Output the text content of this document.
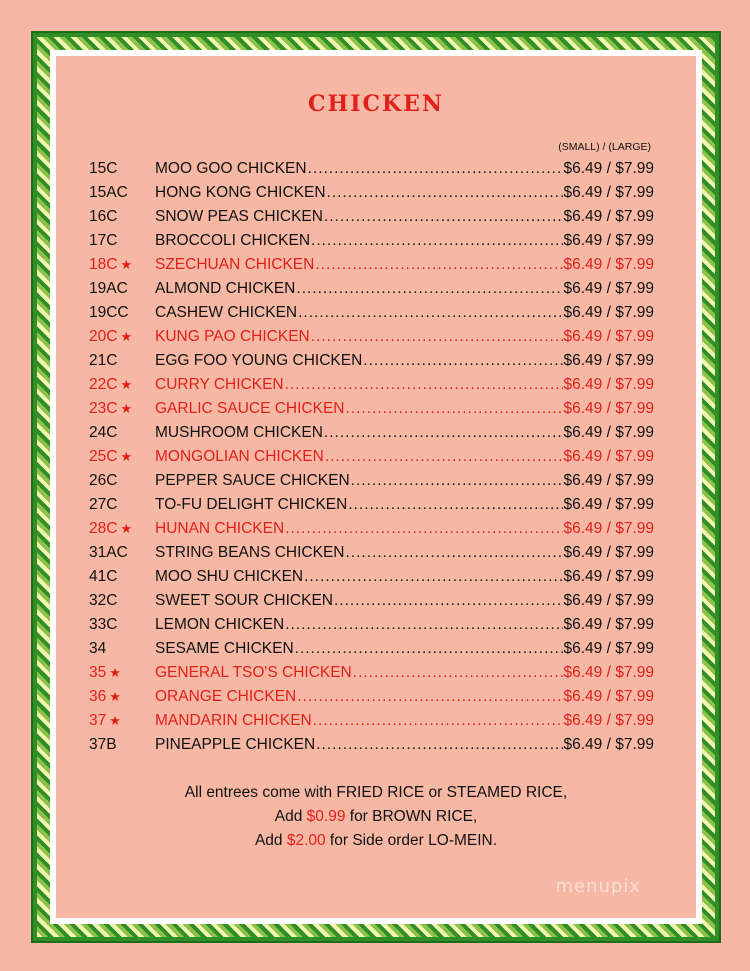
CHICKEN
(SMALL) / (LARGE)
15C	MOO GOO CHICKEN .....	$6.49 / $7.99
15AC	HONG KONG CHICKEN .....	$6.49 / $7.99
16C	SNOW PEAS CHICKEN .....	$6.49 / $7.99
17C	BROCCOLI CHICKEN .....	$6.49 / $7.99
18C ★	SZECHUAN CHICKEN .....	$6.49 / $7.99
19AC	ALMOND CHICKEN .....	$6.49 / $7.99
19CC	CASHEW CHICKEN .....	$6.49 / $7.99
20C ★	KUNG PAO CHICKEN .....	$6.49 / $7.99
21C	EGG FOO YOUNG CHICKEN .....	$6.49 / $7.99
22C ★	CURRY CHICKEN .....	$6.49 / $7.99
23C ★	GARLIC SAUCE CHICKEN .....	$6.49 / $7.99
24C	MUSHROOM CHICKEN .....	$6.49 / $7.99
25C ★	MONGOLIAN CHICKEN .....	$6.49 / $7.99
26C	PEPPER SAUCE CHICKEN .....	$6.49 / $7.99
27C	TO-FU DELIGHT CHICKEN .....	$6.49 / $7.99
28C ★	HUNAN CHICKEN .....	$6.49 / $7.99
31AC	STRING BEANS CHICKEN .....	$6.49 / $7.99
41C	MOO SHU CHICKEN .....	$6.49 / $7.99
32C	SWEET SOUR CHICKEN .....	$6.49 / $7.99
33C	LEMON CHICKEN .....	$6.49 / $7.99
34	SESAME CHICKEN .....	$6.49 / $7.99
35 ★	GENERAL TSO'S CHICKEN .....	$6.49 / $7.99
36 ★	ORANGE CHICKEN .....	$6.49 / $7.99
37 ★	MANDARIN CHICKEN .....	$6.49 / $7.99
37B	PINEAPPLE CHICKEN .....	$6.49 / $7.99
All entrees come with FRIED RICE or STEAMED RICE,
Add $0.99 for BROWN RICE,
Add $2.00 for Side order LO-MEIN.
menupix
